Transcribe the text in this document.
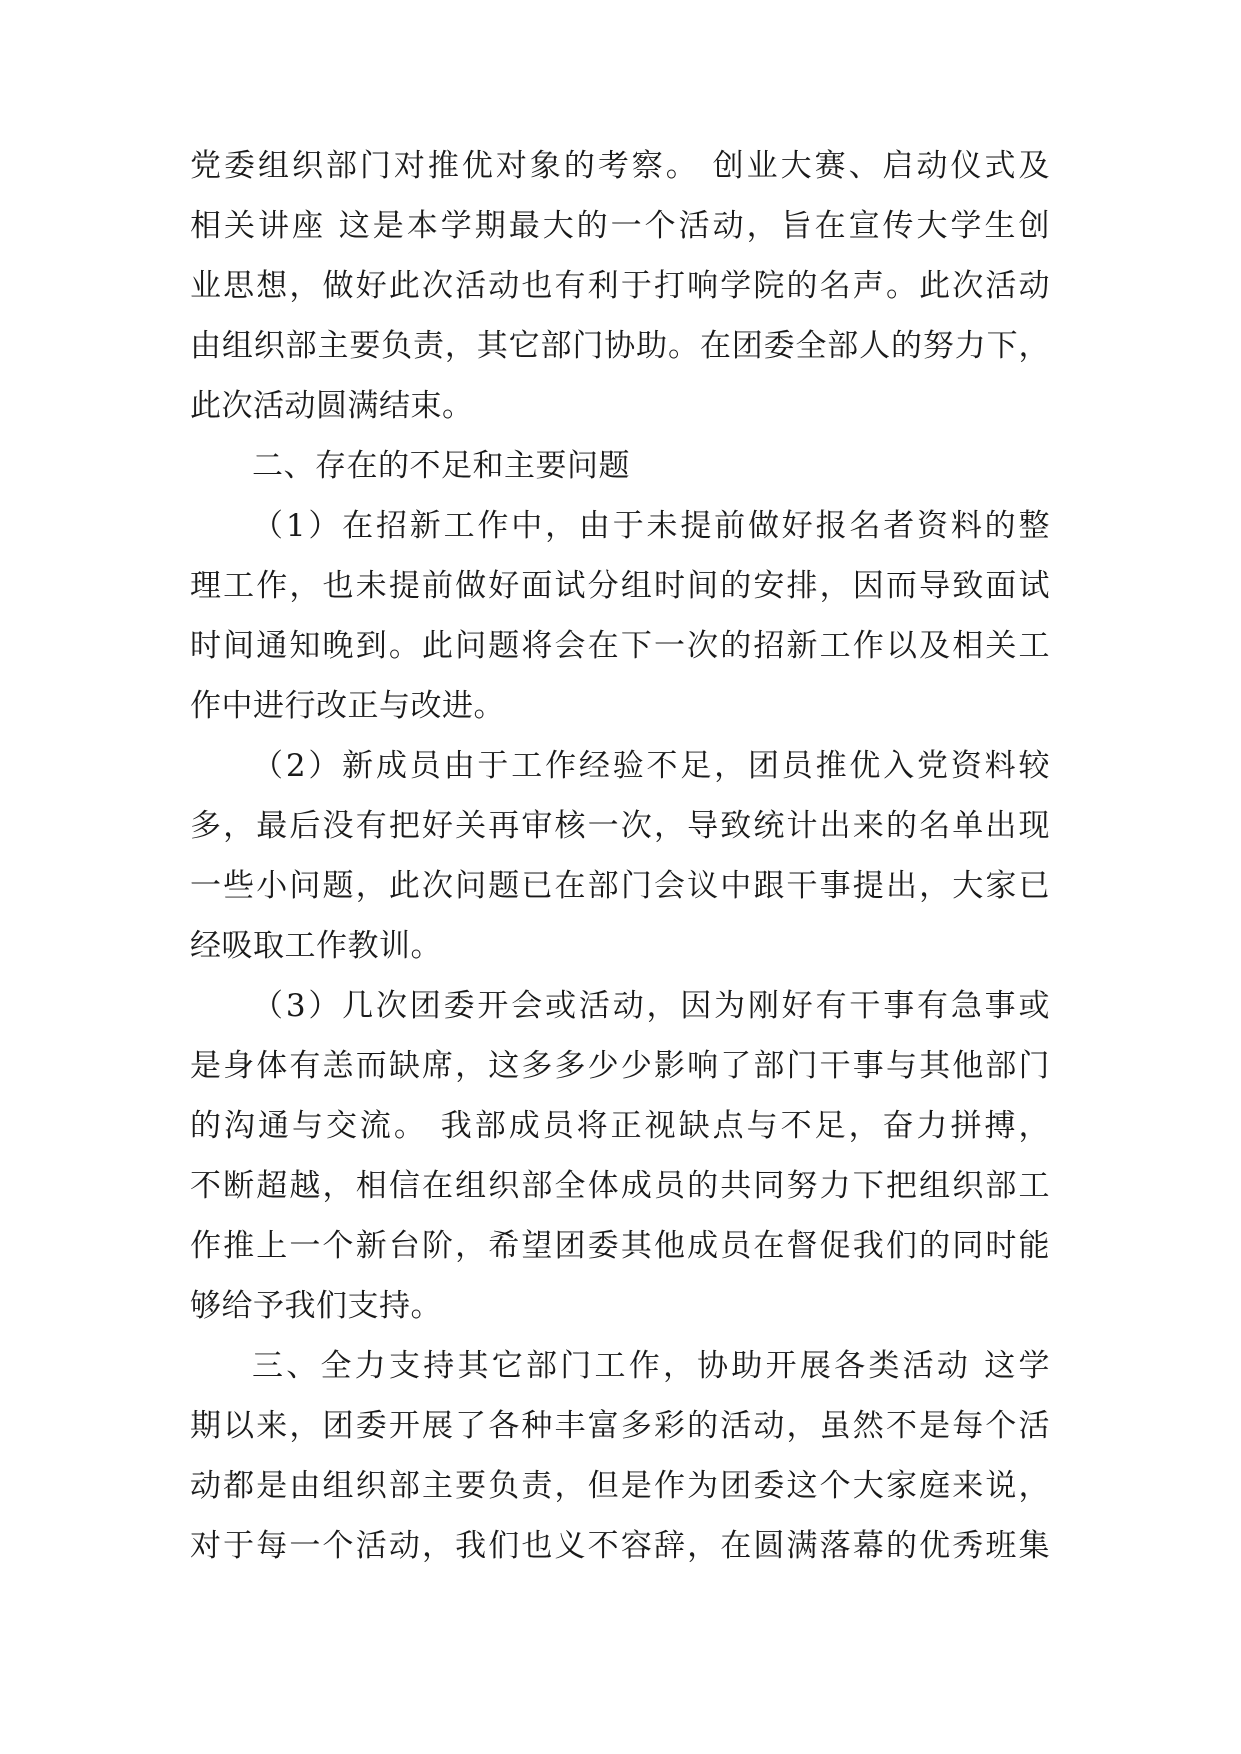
党委组织部门对推优对象的考察。 创业大赛、启动仪式及
相关讲座 这是本学期最大的一个活动，旨在宣传大学生创
业思想，做好此次活动也有利于打响学院的名声。此次活动
由组织部主要负责，其它部门协助。在团委全部人的努力下，
此次活动圆满结束。
二、存在的不足和主要问题
（1）在招新工作中，由于未提前做好报名者资料的整
理工作，也未提前做好面试分组时间的安排，因而导致面试
时间通知晚到。此问题将会在下一次的招新工作以及相关工
作中进行改正与改进。
（2）新成员由于工作经验不足，团员推优入党资料较
多，最后没有把好关再审核一次，导致统计出来的名单出现
一些小问题，此次问题已在部门会议中跟干事提出，大家已
经吸取工作教训。
（3）几次团委开会或活动，因为刚好有干事有急事或
是身体有恙而缺席，这多多少少影响了部门干事与其他部门
的沟通与交流。 我部成员将正视缺点与不足，奋力拼搏，
不断超越，相信在组织部全体成员的共同努力下把组织部工
作推上一个新台阶，希望团委其他成员在督促我们的同时能
够给予我们支持。
三、全力支持其它部门工作，协助开展各类活动 这学
期以来，团委开展了各种丰富多彩的活动，虽然不是每个活
动都是由组织部主要负责，但是作为团委这个大家庭来说，
对于每一个活动，我们也义不容辞，在圆满落幕的优秀班集
